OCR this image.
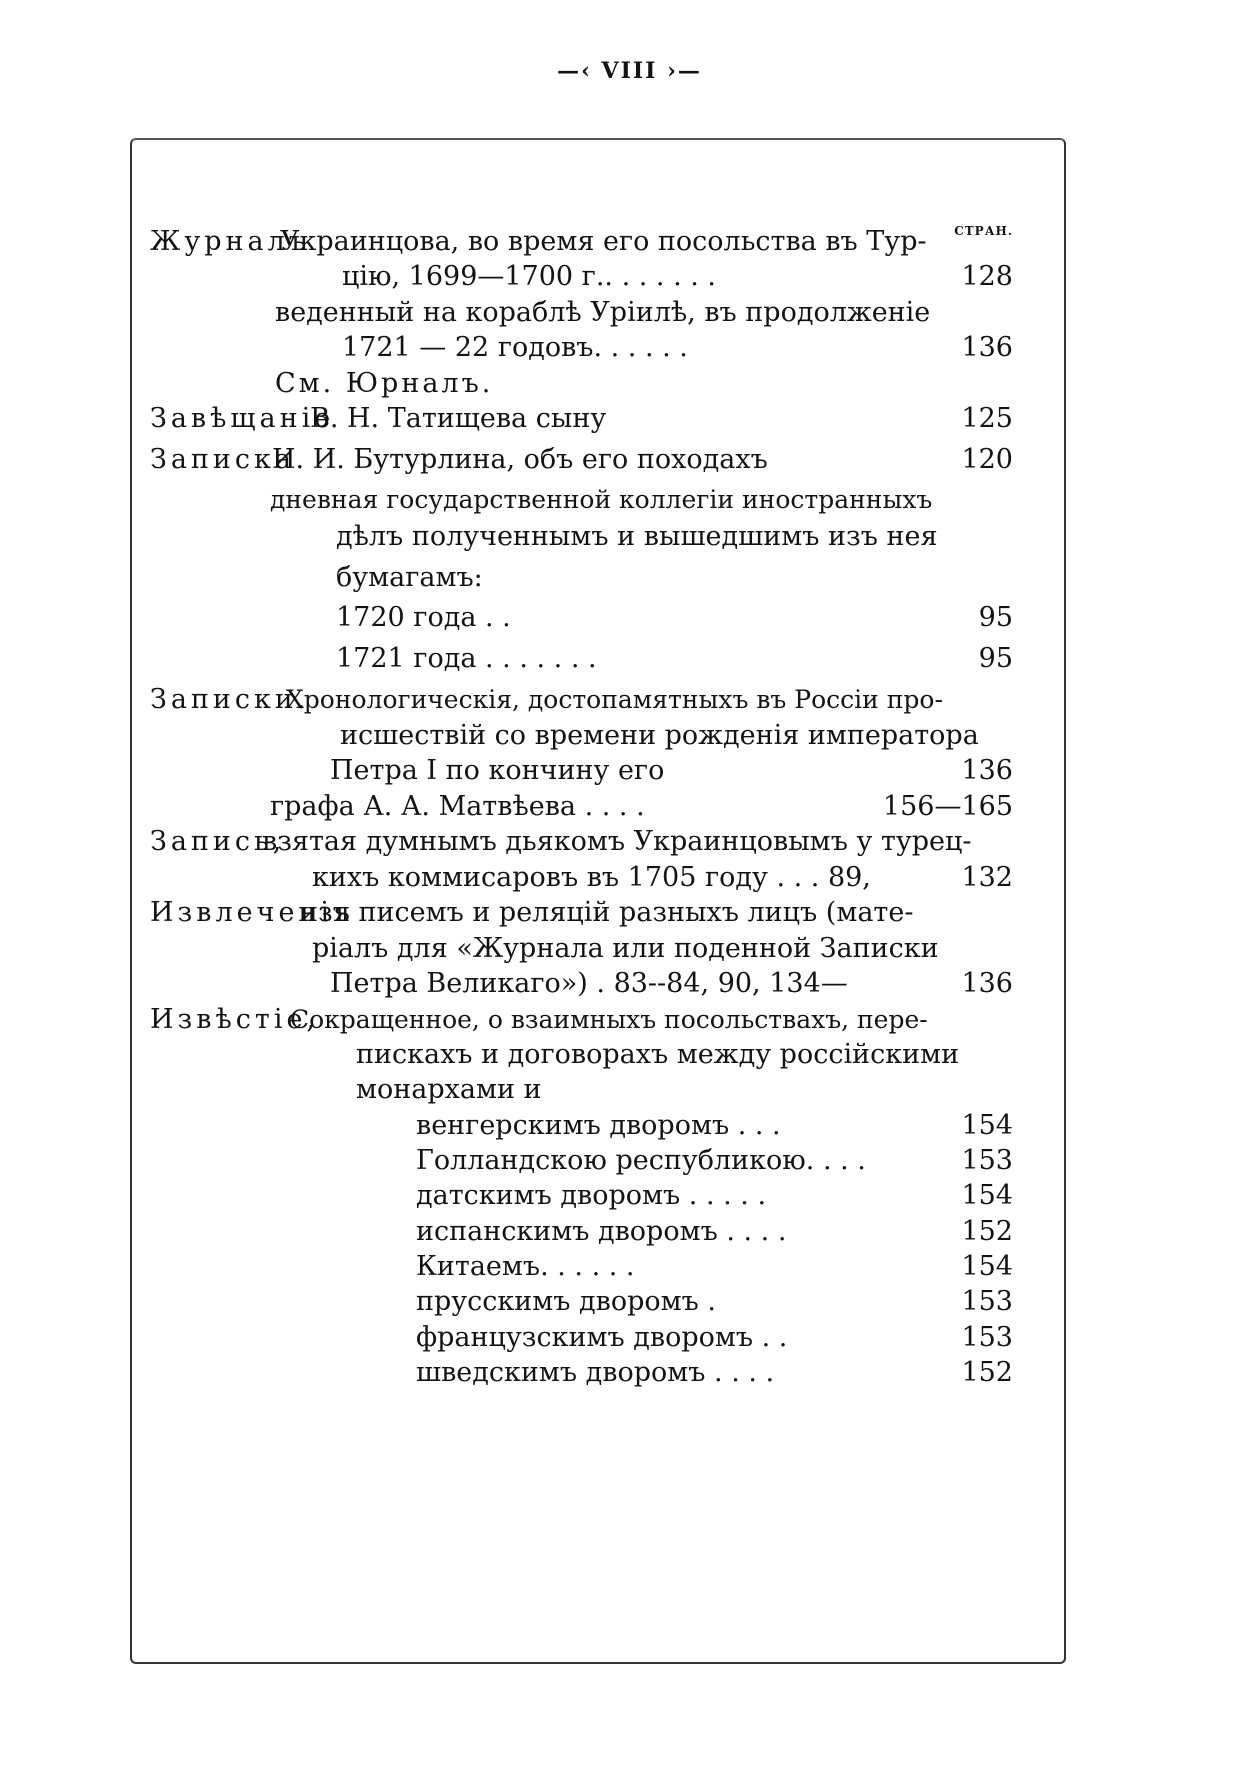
—‹ VIII ›—
СТРАН.
Журналъ
Украинцова, во время его посольства въ Тур-
цію, 1699—1700 г.. . . . . . .	128
веденный на кораблѣ Урiилѣ, въ продолженiе
1721 — 22 годовъ. . . . . .	136
См. Юрналъ.
Завѣщанiе
В. Н. Татищева сыну	125
Записка
И. И. Бутурлина, объ его походахъ	120
дневная государственной коллегiи иностранныхъ
дѣлъ полученнымъ и вышедшимъ изъ нея
бумагамъ:
1720 года . .	95
1721 года . . . . . . .	95
Записки.
Хронологическiя, достопамятныхъ въ Россiи про-
исшествiй со времени рожденiя императора
Петра I по кончину его	136
графа А. А. Матвѣева . . . .	156—165
Запись,
взятая думнымъ дьякомъ Украинцовымъ у турец-
кихъ коммисаровъ въ 1705 году . . . 89,	132
Извлеченiя
изъ писемъ и реляцiй разныхъ лицъ (мате-
рiалъ для «Журнала или поденной Записки
Петра Великаго») . 83--84, 90, 134—	136
Извѣстiе,
Сокращенное, о взаимныхъ посольствахъ, пере-
пискахъ и договорахъ между россiйскими
монархами и
венгерскимъ дворомъ . . .	154
Голландскою республикою. . . .	153
датскимъ дворомъ . . . . .	154
испанскимъ дворомъ . . . .	152
Китаемъ. . . . . .	154
прусскимъ дворомъ .	153
французскимъ дворомъ . .	153
шведскимъ дворомъ . . . .	152
